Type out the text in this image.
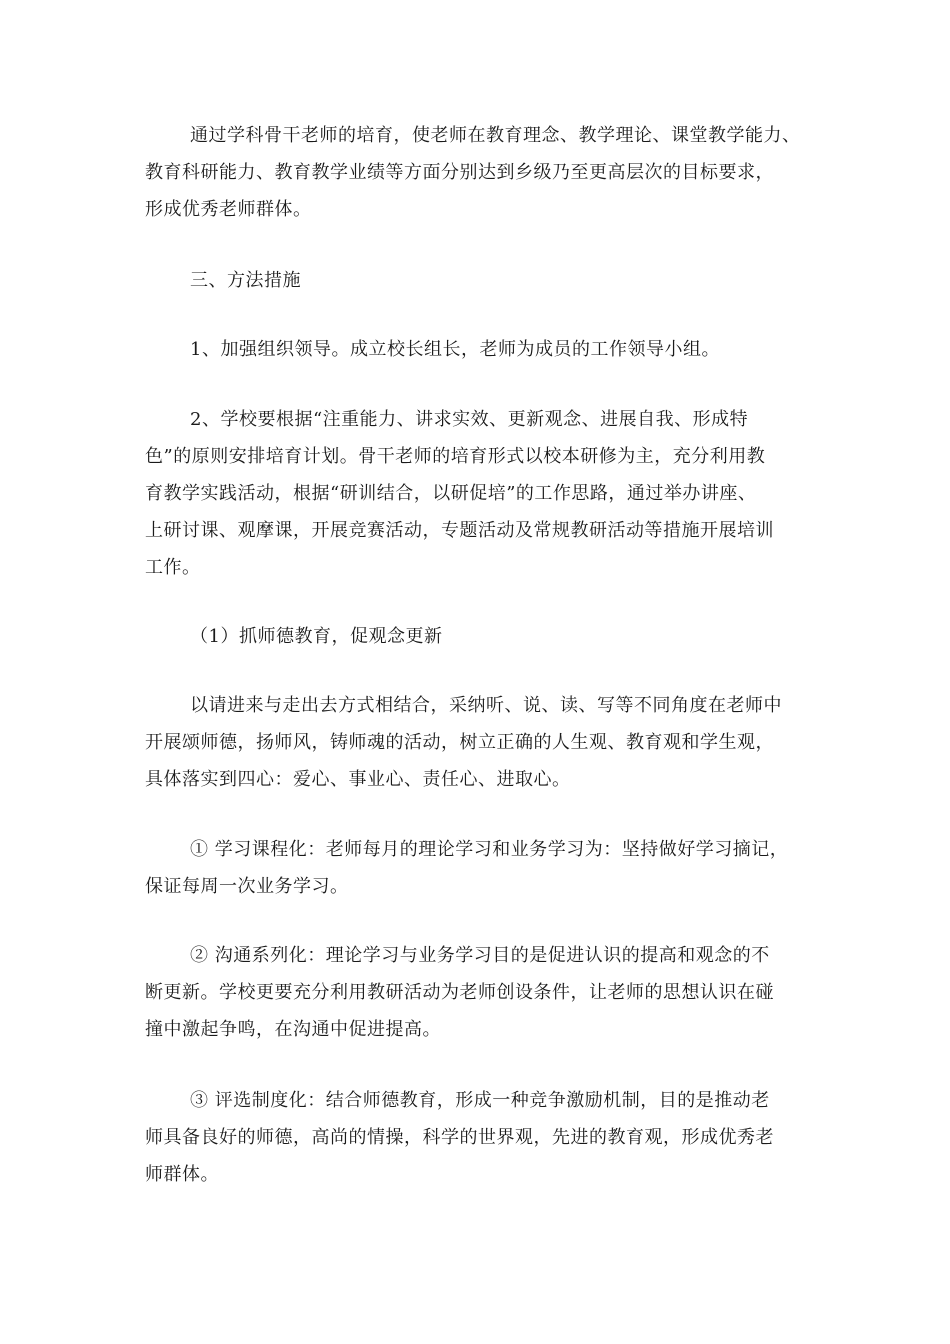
通过学科骨干老师的培育，使老师在教育理念、教学理论、课堂教学能力、
教育科研能力、教育教学业绩等方面分别达到乡级乃至更高层次的目标要求，
形成优秀老师群体。
三、方法措施
1、加强组织领导。成立校长组长，老师为成员的工作领导小组。
2、学校要根据“注重能力、讲求实效、更新观念、进展自我、形成特
色”的原则安排培育计划。骨干老师的培育形式以校本研修为主，充分利用教
育教学实践活动，根据“研训结合，以研促培”的工作思路，通过举办讲座、
上研讨课、观摩课，开展竞赛活动，专题活动及常规教研活动等措施开展培训
工作。
（1）抓师德教育，促观念更新
以请进来与走出去方式相结合，采纳听、说、读、写等不同角度在老师中
开展颂师德，扬师风，铸师魂的活动，树立正确的人生观、教育观和学生观，
具体落实到四心：爱心、事业心、责任心、进取心。
① 学习课程化：老师每月的理论学习和业务学习为：坚持做好学习摘记，
保证每周一次业务学习。
② 沟通系列化：理论学习与业务学习目的是促进认识的提高和观念的不
断更新。学校更要充分利用教研活动为老师创设条件，让老师的思想认识在碰
撞中激起争鸣，在沟通中促进提高。
③ 评选制度化：结合师德教育，形成一种竞争激励机制，目的是推动老
师具备良好的师德，高尚的情操，科学的世界观，先进的教育观，形成优秀老
师群体。
